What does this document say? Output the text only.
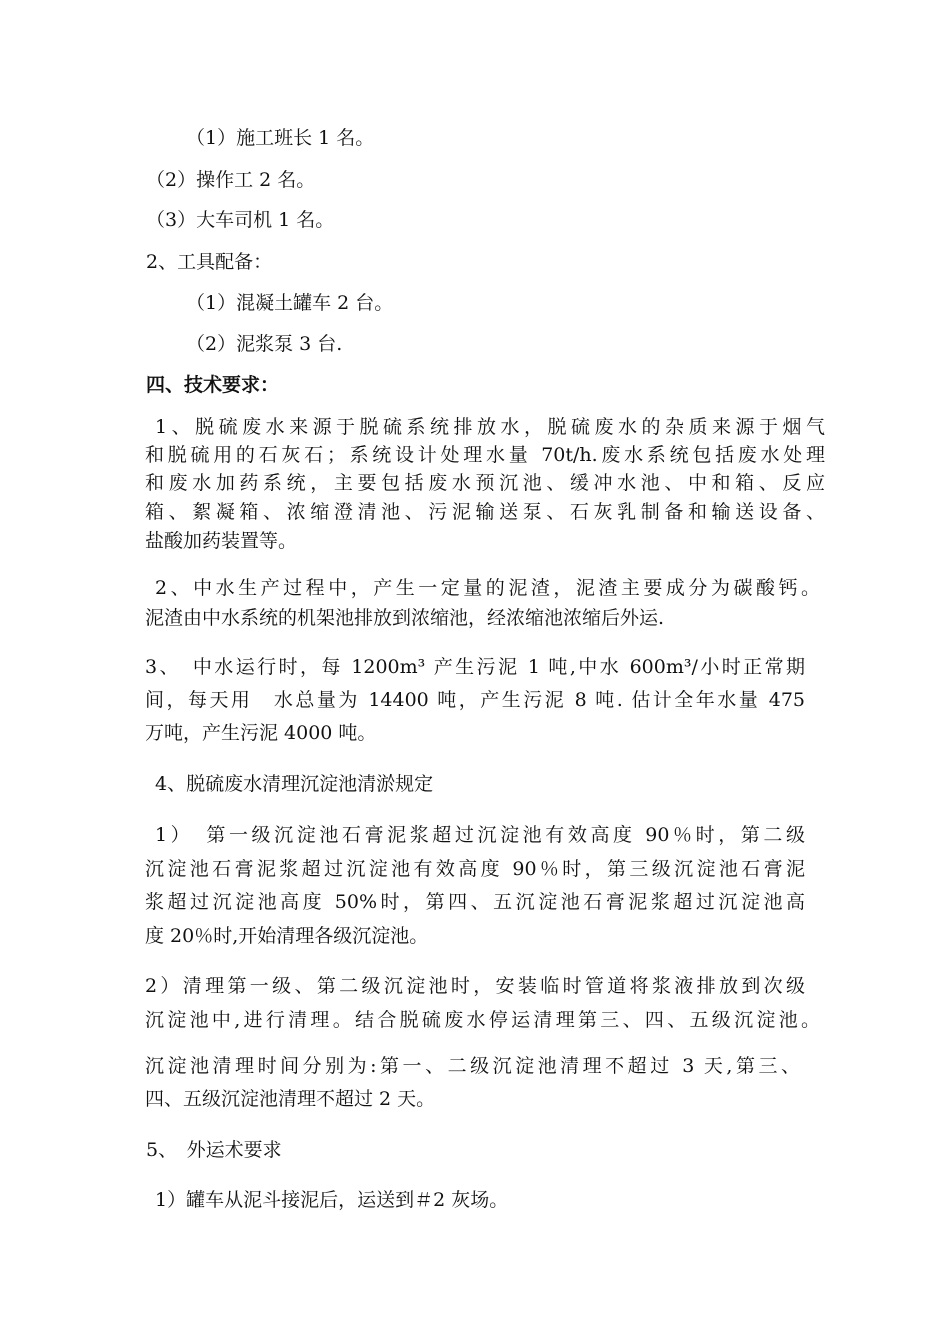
（1）施工班长 1 名。
（2）操作工 2 名。
（3）大车司机 1 名。
2、工具配备：
（1）混凝土罐车 2 台。
（2）泥浆泵 3 台.
四、技术要求：
1、脱硫废水来源于脱硫系统排放水，脱硫废水的杂质来源于烟气
和脱硫用的石灰石；系统设计处理水量 70t/h.废水系统包括废水处理
和废水加药系统，主要包括废水预沉池、缓冲水池、中和箱、反应
箱、絮凝箱、浓缩澄清池、污泥输送泵、石灰乳制备和输送设备、
盐酸加药装置等。
2、中水生产过程中，产生一定量的泥渣，泥渣主要成分为碳酸钙。
泥渣由中水系统的机架池排放到浓缩池，经浓缩池浓缩后外运.
3、　中水运行时，每 1200m³ 产生污泥 1 吨,中水 600m³/小时正常期
间，每天用　水总量为 14400 吨，产生污泥 8 吨. 估计全年水量 475
万吨，产生污泥 4000 吨。
4、脱硫废水清理沉淀池清淤规定
1）　第一级沉淀池石膏泥浆超过沉淀池有效高度 90％时，第二级
沉淀池石膏泥浆超过沉淀池有效高度 90％时，第三级沉淀池石膏泥
浆超过沉淀池高度 50%时，第四、五沉淀池石膏泥浆超过沉淀池高
度 20％时,开始清理各级沉淀池。
2）清理第一级、第二级沉淀池时，安装临时管道将浆液排放到次级
沉淀池中,进行清理。结合脱硫废水停运清理第三、四、五级沉淀池。
沉淀池清理时间分别为:第一、二级沉淀池清理不超过 3 天,第三、
四、五级沉淀池清理不超过 2 天。
5、　外运术要求
1）罐车从泥斗接泥后，运送到＃2 灰场。
